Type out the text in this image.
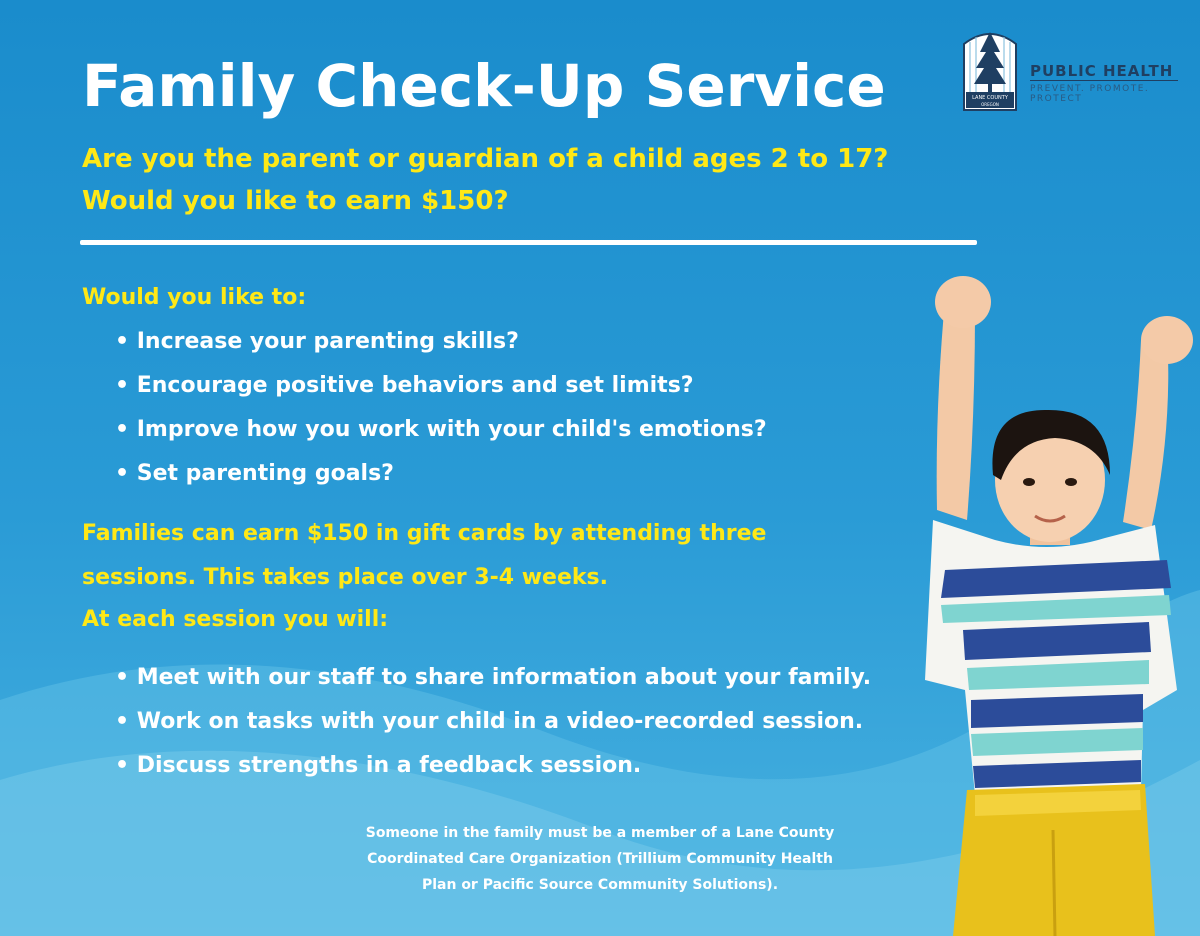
Family Check-Up Service

Are you the parent or guardian of a child ages 2 to 17?

Would you like to earn $150?

Would you like to:

• Increase your parenting skills?
• Encourage positive behaviors and set limits?
• Improve how you work with your child's emotions?
• Set parenting goals?

Families can earn $150 in gift cards by attending three

sessions. This takes place over 3-4 weeks.

At each session you will:

• Meet with our staff to share information about your family.
• Work on tasks with your child in a video-recorded session.
• Discuss strengths in a feedback session.
Someone in the family must be a member of a Lane County
Coordinated Care Organization (Trillium Community Health
Plan or Pacific Source Community Solutions).
LANE COUNTY
OREGON

PUBLIC HEALTH

PREVENT. PROMOTE. PROTECT
